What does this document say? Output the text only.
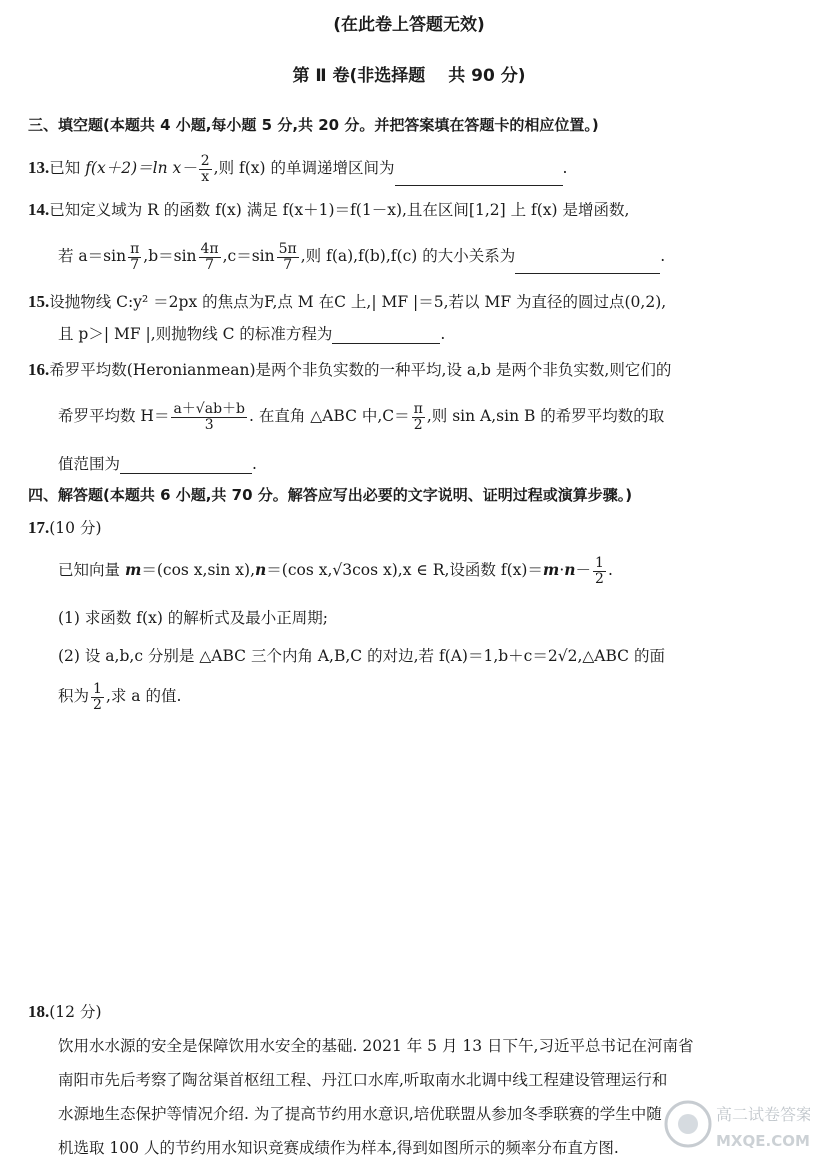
(在此卷上答题无效)
第 Ⅱ 卷(非选择题　 共 90 分)
三、填空题(本题共 4 小题,每小题 5 分,共 20 分。并把答案填在答题卡的相应位置。)
13.已知 f(x＋2)＝ln $x- \frac{2}{x}$ ,则 f(x) 的单调递增区间为	.
14.已知定义域为 R 的函数 f(x) 满足 f(x＋1)＝f(1－x),且在区间[1,2] 上 f(x) 是增函数,
若 $a=\sin \frac{\pi}{7} ,b=\sin \frac{4\pi}{7} ,c=\sin \frac{5\pi}{7}$ ,则 f(a),f(b),f(c) 的大小关系为	.
15.设抛物线 C:y² ＝2px 的焦点为F,点 M 在C 上,| MF |＝5,若以 MF 为直径的圆过点(0,2),
且 p＞| MF |,则抛物线 C 的标准方程为	.
16.希罗平均数(Heronianmean)是两个非负实数的一种平均,设 a,b 是两个非负实数,则它们的
希罗平均数 $H= \frac{a+√ab+b}{3}$ . 在直角 △ABC 中$,C= \frac{\pi}{2}$ ,则 sin A,sin B 的希罗平均数的取
值范围为	.
四、解答题(本题共 6 小题,共 70 分。解答应写出必要的文字说明、证明过程或演算步骤。)
17.(10 分)
已知向量 m＝(cos x,sin x),n＝(cos x,√3cos x),x ∈ R,设函数 $f(x)=m\cdot n- \frac{1}{2}$ .
(1) 求函数 f(x) 的解析式及最小正周期;
(2) 设 a,b,c 分别是 △ABC 三个内角 A,B,C 的对边,若 f(A)＝1,b＋c＝2√2,△ABC 的面
积为 $\frac{1}{2}$ ,求 a 的值.
18.(12 分)
饮用水水源的安全是保障饮用水安全的基础. 2021 年 5 月 13 日下午,习近平总书记在河南省
南阳市先后考察了陶岔渠首枢纽工程、丹江口水库,听取南水北调中线工程建设管理运行和
水源地生态保护等情况介绍. 为了提高节约用水意识,培优联盟从参加冬季联赛的学生中随
机选取 100 人的节约用水知识竞赛成绩作为样本,得到如图所示的频率分布直方图.
高二试卷答案
MXQE.COM
